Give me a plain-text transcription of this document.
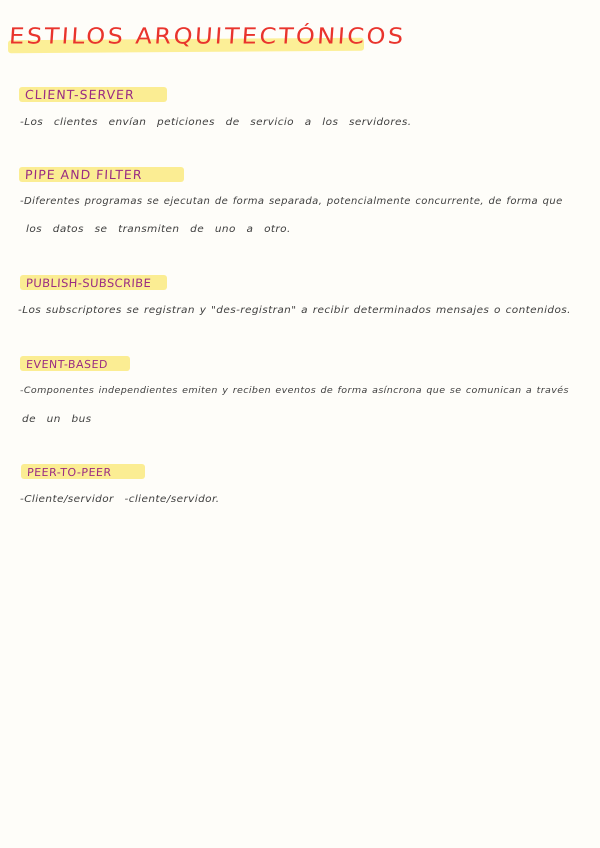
ESTILOS ARQUITECTÓNICOS
CLIENT-SERVER
-Los clientes envían peticiones de servicio a los servidores.
PIPE AND FILTER
-Diferentes programas se ejecutan de forma separada, potencialmente concurrente, de forma que
los datos se transmiten de uno a otro.
PUBLISH-SUBSCRIBE
-Los subscriptores se registran y "des-registran" a recibir determinados mensajes o contenidos.
EVENT-BASED
-Componentes independientes emiten y reciben eventos de forma asíncrona que se comunican a través
de un bus
PEER-TO-PEER
-Cliente/servidor -cliente/servidor.
